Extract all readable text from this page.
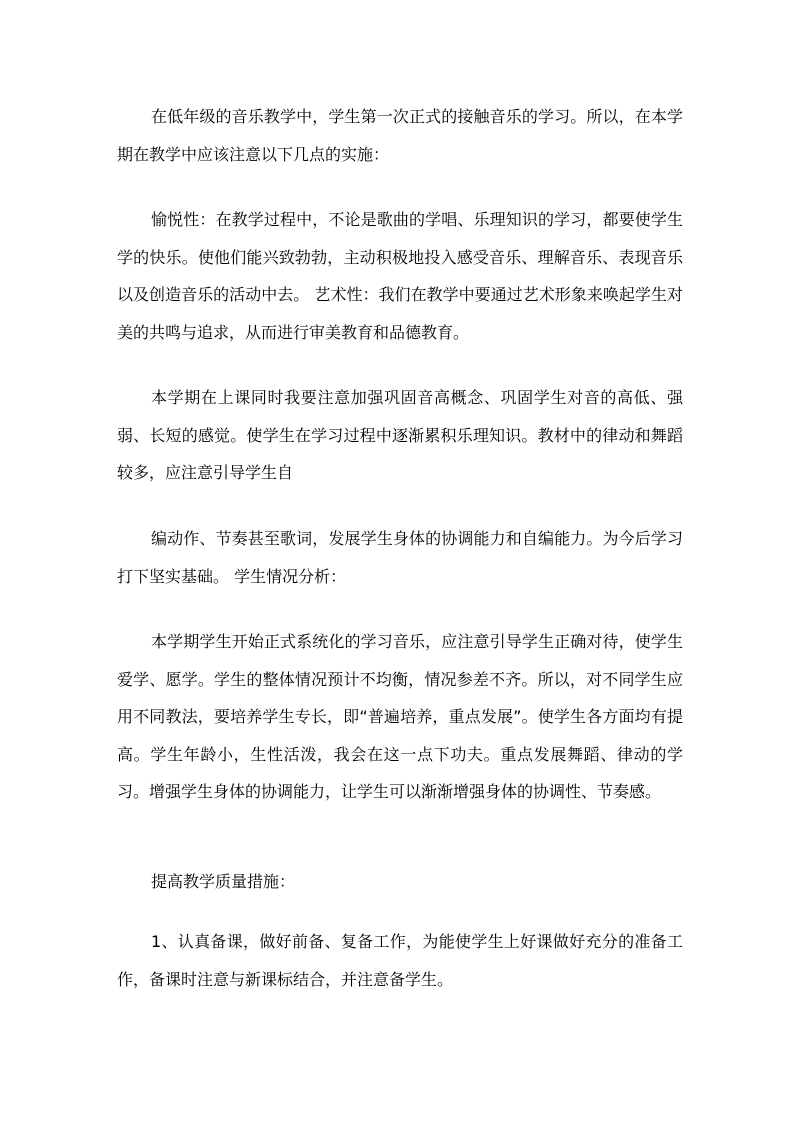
在低年级的音乐教学中，学生第一次正式的接触音乐的学习。所以，在本学期在教学中应该注意以下几点的实施：

愉悦性：在教学过程中，不论是歌曲的学唱、乐理知识的学习，都要使学生学的快乐。使他们能兴致勃勃，主动积极地投入感受音乐、理解音乐、表现音乐以及创造音乐的活动中去。 艺术性：我们在教学中要通过艺术形象来唤起学生对美的共鸣与追求，从而进行审美教育和品德教育。

本学期在上课同时我要注意加强巩固音高概念、巩固学生对音的高低、强弱、长短的感觉。使学生在学习过程中逐渐累积乐理知识。教材中的律动和舞蹈较多，应注意引导学生自

编动作、节奏甚至歌词，发展学生身体的协调能力和自编能力。为今后学习打下坚实基础。 学生情况分析：

本学期学生开始正式系统化的学习音乐，应注意引导学生正确对待，使学生爱学、愿学。学生的整体情况预计不均衡，情况参差不齐。所以，对不同学生应用不同教法，要培养学生专长，即“普遍培养，重点发展”。使学生各方面均有提高。学生年龄小，生性活泼，我会在这一点下功夫。重点发展舞蹈、律动的学习。增强学生身体的协调能力，让学生可以渐渐增强身体的协调性、节奏感。

提高教学质量措施：

1、认真备课，做好前备、复备工作，为能使学生上好课做好充分的准备工作，备课时注意与新课标结合，并注意备学生。
